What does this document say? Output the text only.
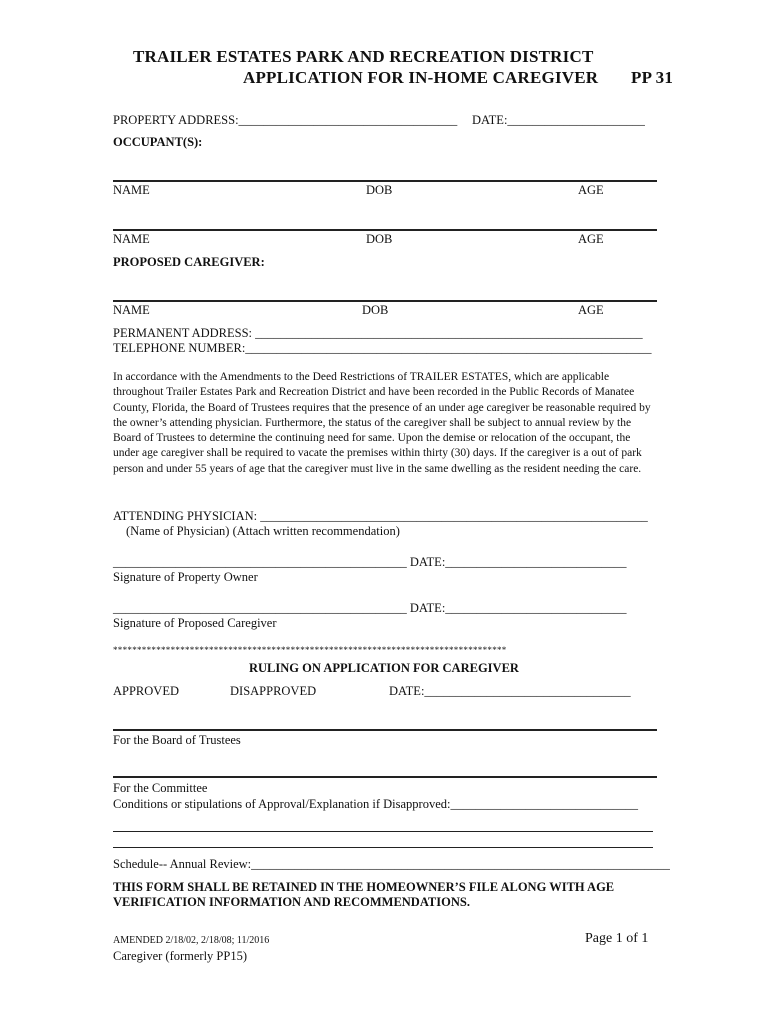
TRAILER ESTATES PARK AND RECREATION DISTRICT
APPLICATION FOR IN-HOME CAREGIVER PP 31
PROPERTY ADDRESS:___________________________________ DATE:______________________
OCCUPANT(S):
NAME	DOB	AGE
NAME	DOB	AGE
PROPOSED CAREGIVER:
NAME	DOB	AGE
PERMANENT ADDRESS: ______________________________________________________________
TELEPHONE NUMBER:_________________________________________________________________
In accordance with the Amendments to the Deed Restrictions of TRAILER ESTATES, which are applicable throughout Trailer Estates Park and Recreation District and have been recorded in the Public Records of Manatee County, Florida, the Board of Trustees requires that the presence of an under age caregiver be reasonable required by the owner’s attending physician. Furthermore, the status of the caregiver shall be subject to annual review by the Board of Trustees to determine the continuing need for same. Upon the demise or relocation of the occupant, the under age caregiver shall be required to vacate the premises within thirty (30) days. If the caregiver is a out of park person and under 55 years of age that the caregiver must live in the same dwelling as the resident needing the care.
ATTENDING PHYSICIAN: ______________________________________________________________
(Name of Physician) (Attach written recommendation)
_______________________________________________ DATE:_____________________________
Signature of Property Owner
_______________________________________________ DATE:_____________________________
Signature of Proposed Caregiver
**********************************************************************************
RULING ON APPLICATION FOR CAREGIVER
APPROVED	DISAPPROVED	DATE:_________________________________
For the Board of Trustees
For the Committee
Conditions or stipulations of Approval/Explanation if Disapproved:______________________________
Schedule-- Annual Review:___________________________________________________________________
THIS FORM SHALL BE RETAINED IN THE HOMEOWNER’S FILE ALONG WITH AGE
VERIFICATION INFORMATION AND RECOMMENDATIONS.
AMENDED 2/18/02, 2/18/08; 11/2016	Page 1 of 1
Caregiver (formerly PP15)
